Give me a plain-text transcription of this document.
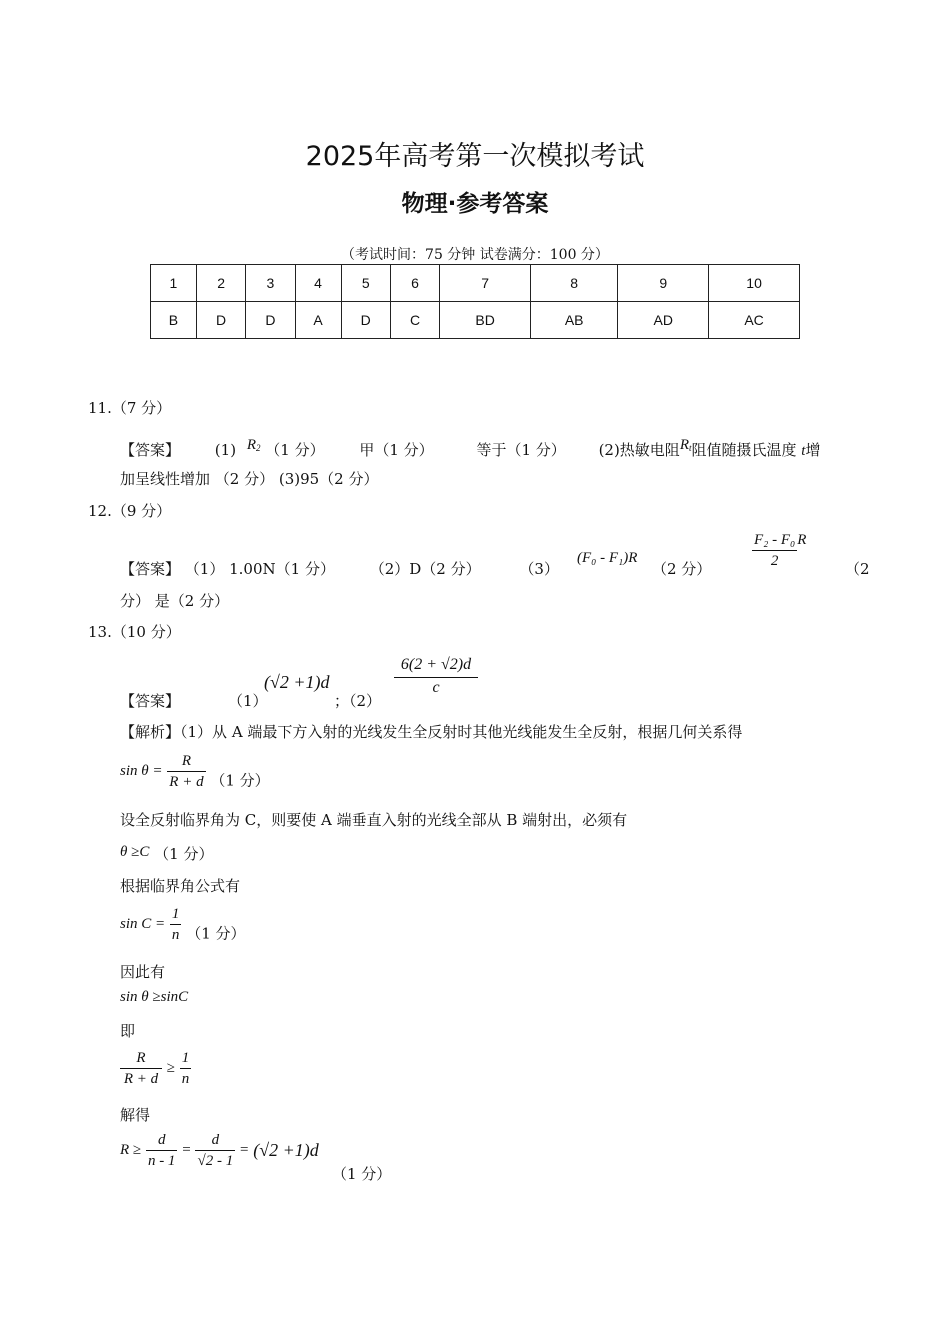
2025年高考第一次模拟考试
物理·参考答案
（考试时间：75 分钟 试卷满分：100 分）
1	2	3	4	5	6	7	8	9	10
B	D	D	A	D	C	BD	AB	AD	AC
11.（7 分）
【答案】 (1) $R_2$ （1 分） 甲（1 分）	等于（1 分） (2)热敏电阻$R_t$阻值随摄氏温度 t增
加呈线性增加 （2 分） (3)95（2 分）
12.（9 分）
【答案】 （1） 1.00N（1 分） （2）D（2 分）	（3）
(F₀ - F₁)R
（2 分）	$\frac{\text{F₂ - F₀}}{2}$ R
（2
分） 是（2 分）
13.（10 分）
【答案】	（1）
(√2 +1)d
；（2）
$\frac{6(2 + √2)d}{c}$
【解析】（1）从 A 端最下方入射的光线发生全反射时其他光线能发生全反射，根据几何关系得
$\sin \theta = \frac{R}{R + d} (1$ 分）
设全反射临界角为 C，则要使 A 端垂直入射的光线全部从 B 端射出，必须有
θ ≥C （1 分）
根据临界角公式有
$\sin C = \frac{1}{n} (1$ 分）
因此有
sin θ ≥sinC
即
$\frac{R}{R + d} \ge \frac{1}{n}$
解得
$R \ge \frac{d}{n - 1} = \frac{d}{√2 - 1} = (√2 +1)d$
（1 分）
